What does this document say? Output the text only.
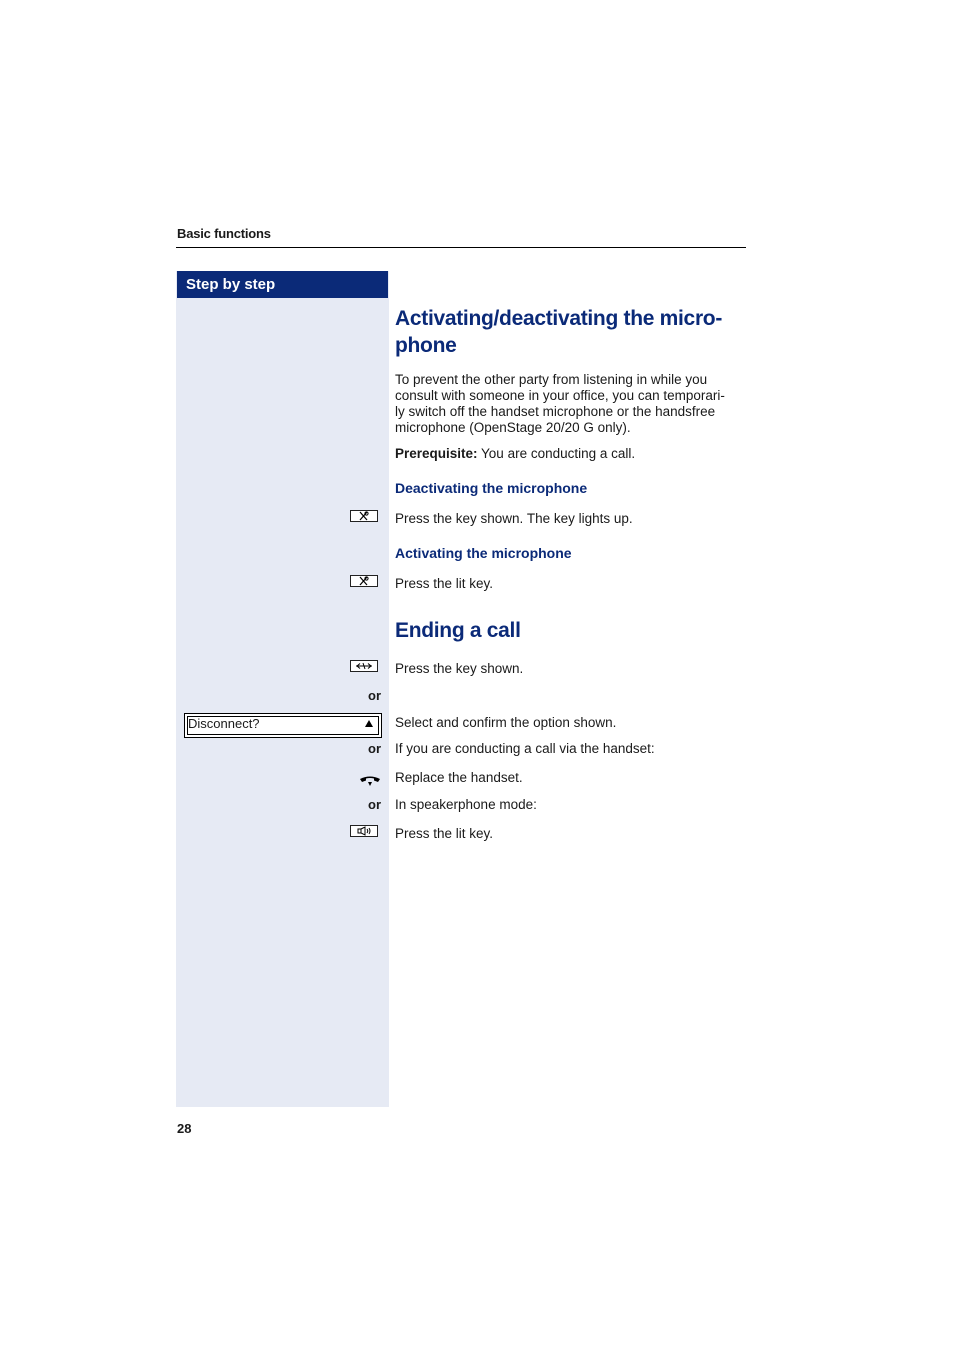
Basic functions
Step by step
Activating/deactivating the micro-
phone
To prevent the other party from listening in while you
consult with someone in your office, you can temporari-
ly switch off the handset microphone or the handsfree
microphone (OpenStage 20/20 G only).
Prerequisite: You are conducting a call.
Deactivating the microphone
Press the key shown. The key lights up.
Activating the microphone
Press the lit key.
Ending a call
Press the key shown.
or
Disconnect?	Select and confirm the option shown.
or If you are conducting a call via the handset:
Replace the handset.
or In speakerphone mode:
Press the lit key.
28
